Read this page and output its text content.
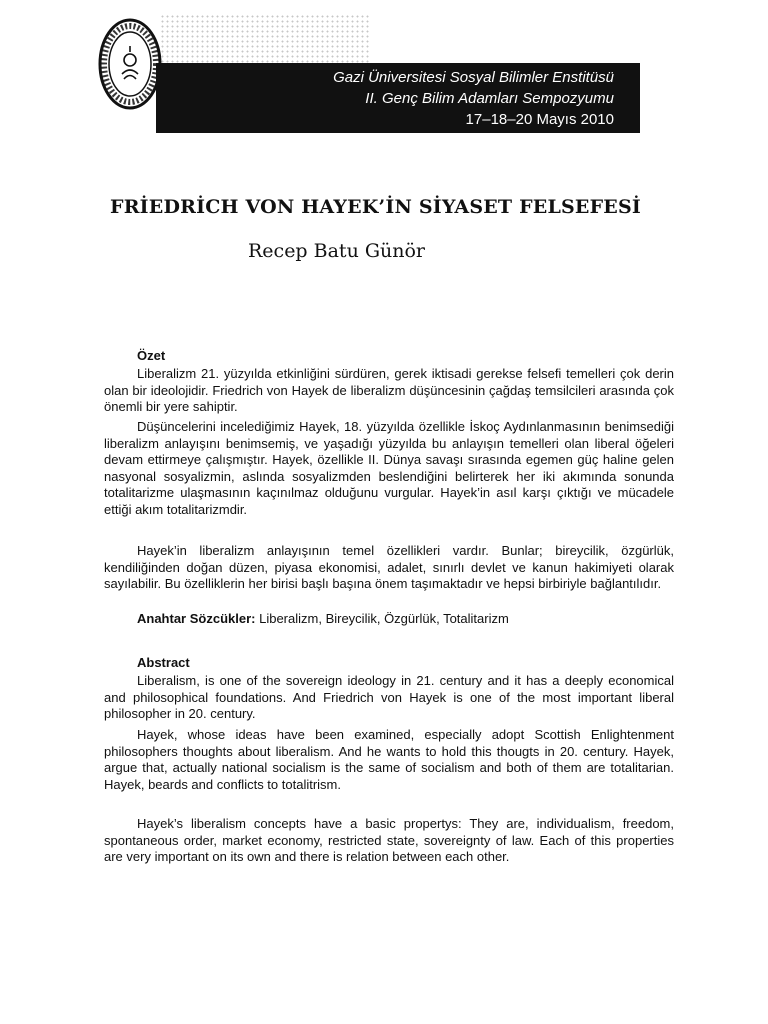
Gazi Üniversitesi Sosyal Bilimler Enstitüsü
II. Genç Bilim Adamları Sempozyumu
17–18–20 Mayıs 2010
FRİEDRİCH VON HAYEK’İN SİYASET FELSEFESİ

Recep Batu Günör

Özet

Liberalizm 21. yüzyılda etkinliğini sürdüren, gerek iktisadi gerekse felsefi temelleri çok derin olan bir ideolojidir. Friedrich von Hayek de liberalizm düşüncesinin çağdaş temsilcileri arasında çok önemli bir yere sahiptir.

Düşüncelerini incelediğimiz Hayek, 18. yüzyılda özellikle İskoç Aydınlanmasının benimsediği liberalizm anlayışını benimsemiş, ve yaşadığı yüzyılda bu anlayışın temelleri olan liberal öğeleri devam ettirmeye çalışmıştır. Hayek, özellikle II. Dünya savaşı sırasında egemen güç haline gelen nasyonal sosyalizmin, aslında sosyalizmden beslendiğini belirterek her iki akımında sonunda totalitarizme ulaşmasının kaçınılmaz olduğunu vurgular. Hayek’in asıl karşı çıktığı ve mücadele ettiği akım totalitarizmdir.

Hayek’in liberalizm anlayışının temel özellikleri vardır. Bunlar; bireycilik, özgürlük, kendiliğinden doğan düzen, piyasa ekonomisi, adalet, sınırlı devlet ve kanun hakimiyeti olarak sayılabilir. Bu özelliklerin her birisi başlı başına önem taşımaktadır ve hepsi birbiriyle bağlantılıdır.

Anahtar Sözcükler: Liberalizm, Bireycilik, Özgürlük, Totalitarizm

Abstract

Liberalism, is one of the sovereign ideology in 21. century and it has a deeply economical and philosophical foundations. And Friedrich von Hayek is one of the most important liberal philosopher in 20. century.

Hayek, whose ideas have been examined, especially adopt Scottish Enlightenment philosophers thoughts about liberalism. And he wants to hold this thougts in 20. century. Hayek, argue that, actually national socialism is the same of socialism and both of them are totalitarian. Hayek, beards and conflicts to totalitrism.

Hayek’s liberalism concepts have a basic propertys: They are, individualism, freedom, spontaneous order, market economy, restricted state, sovereignty of law. Each of this properties are very important on its own and there is relation between each other.
